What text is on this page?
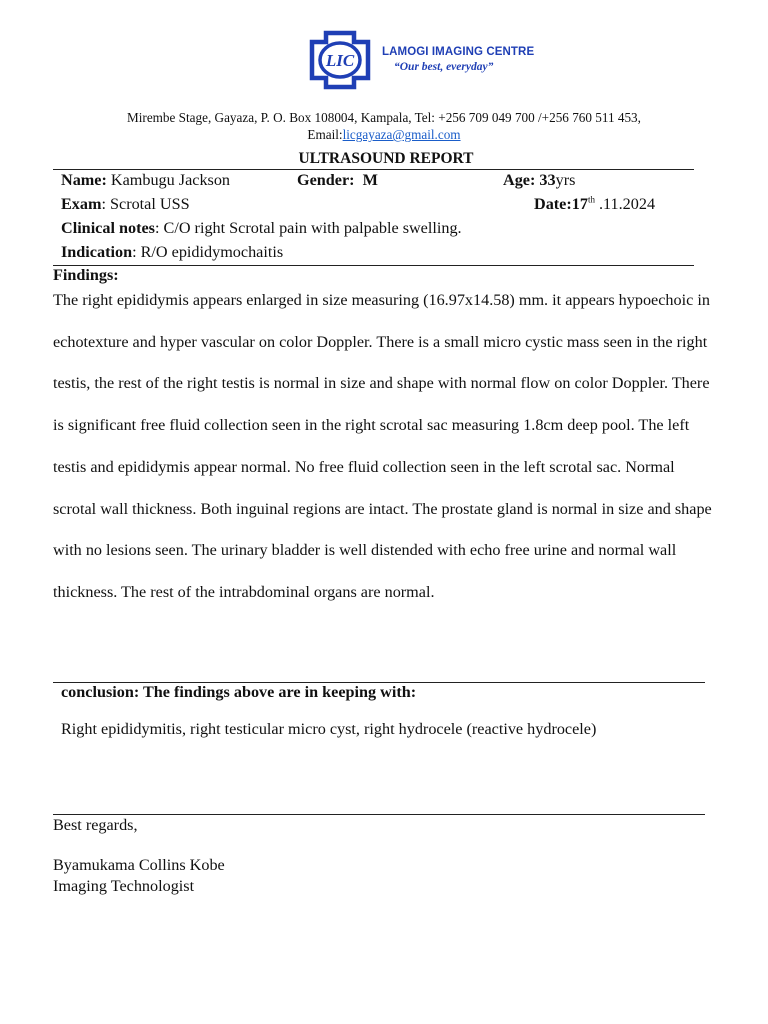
LIC LAMOGI IMAGING CENTRE
“Our best, everyday”
Mirembe Stage, Gayaza, P. O. Box 108004, Kampala, Tel: +256 709 049 700 /+256 760 511 453,
Email:licgayaza@gmail.com
ULTRASOUND REPORT
Name: Kambugu Jackson	Gender: M	Age: 33yrs
Exam: Scrotal USS	Date:17th .11.2024
Clinical notes: C/O right Scrotal pain with palpable swelling.
Indication: R/O epididymochaitis
Findings:
The right epididymis appears enlarged in size measuring (16.97x14.58) mm. it appears hypoechoic in echotexture and hyper vascular on color Doppler. There is a small micro cystic mass seen in the right testis, the rest of the right testis is normal in size and shape with normal flow on color Doppler. There is significant free fluid collection seen in the right scrotal sac measuring 1.8cm deep pool. The left testis and epididymis appear normal. No free fluid collection seen in the left scrotal sac. Normal scrotal wall thickness. Both inguinal regions are intact. The prostate gland is normal in size and shape with no lesions seen. The urinary bladder is well distended with echo free urine and normal wall thickness. The rest of the intrabdominal organs are normal.
conclusion: The findings above are in keeping with:
Right epididymitis, right testicular micro cyst, right hydrocele (reactive hydrocele)
Best regards,
Byamukama Collins Kobe
Imaging Technologist
